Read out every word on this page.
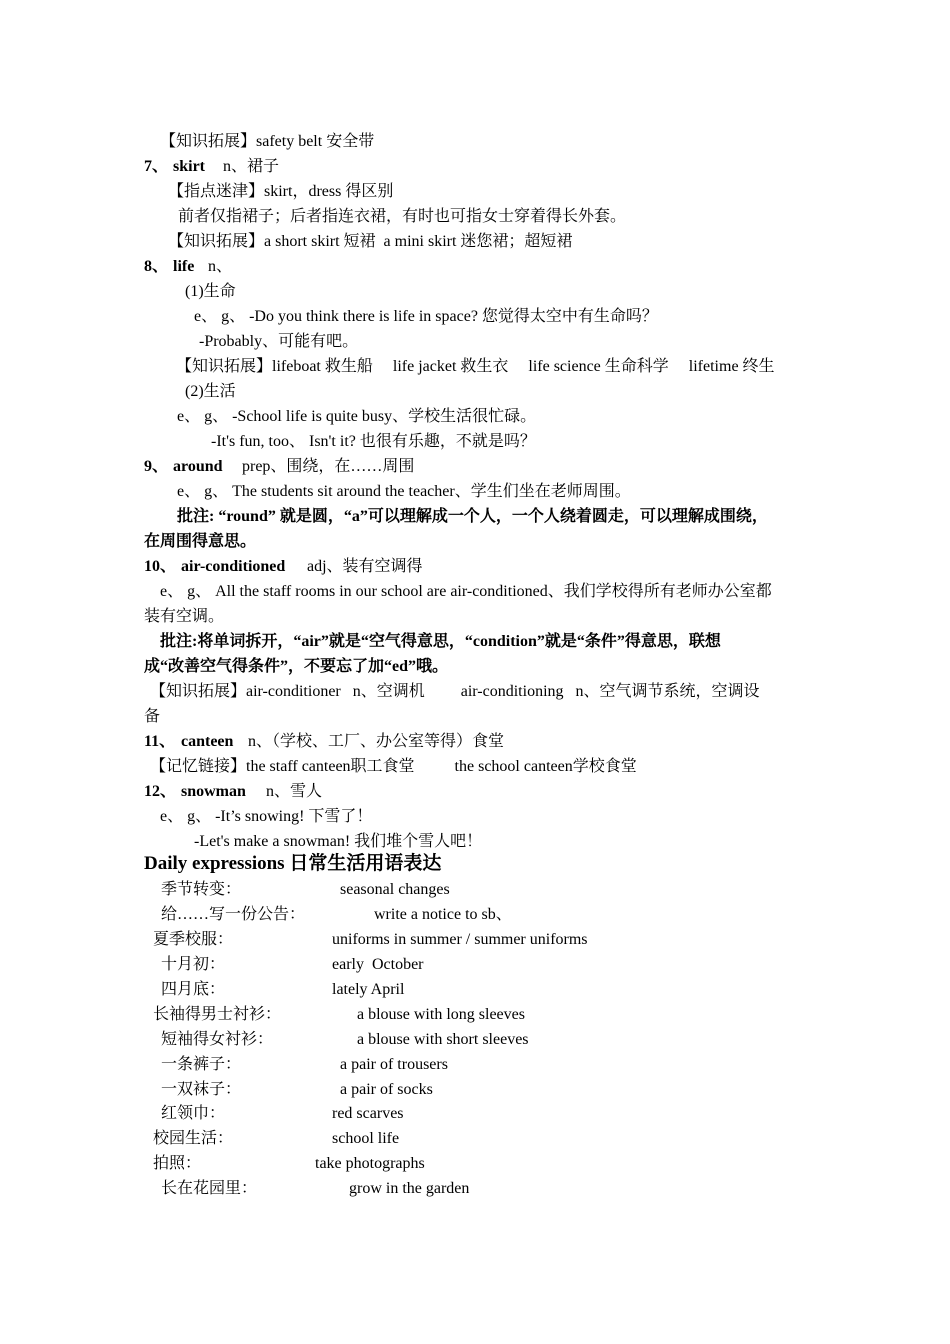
【知识拓展】safety belt 安全带
7、 skirt n、裙子
【指点迷津】skirt，dress 得区别
前者仅指裙子；后者指连衣裙，有时也可指女士穿着得长外套。
【知识拓展】a short skirt 短裙  a mini skirt 迷您裙；超短裙
8、 life n、
(1)生命
e、 g、 -Do you think there is life in space? 您觉得太空中有生命吗？
-Probably、可能有吧。
【知识拓展】lifeboat 救生船     life jacket 救生衣     life science 生命科学     lifetime 终生
(2)生活
e、 g、 -School life is quite busy、学校生活很忙碌。
-It's fun, too、 Isn't it? 也很有乐趣，不就是吗？
9、 around prep、围绕，在……周围
e、 g、 The students sit around the teacher、学生们坐在老师周围。
批注: “round” 就是圆，“a”可以理解成一个人，一个人绕着圆走，可以理解成围绕，
在周围得意思。
10、 air-conditioned adj、装有空调得
e、 g、 All the staff rooms in our school are air-conditioned、我们学校得所有老师办公室都
装有空调。
批注:将单词拆开，“air”就是“空气得意思，“condition”就是“条件”得意思，联想
成“改善空气得条件”，不要忘了加“ed”哦。
【知识拓展】air-conditioner   n、空调机         air-conditioning   n、空气调节系统，空调设
备
11、 canteen n、（学校、工厂、办公室等得）食堂
【记忆链接】the staff canteen职工食堂          the school canteen学校食堂
12、 snowman n、雪人
e、 g、 -It’s snowing! 下雪了！
-Let's make a snowman! 我们堆个雪人吧！
Daily expressions 日常生活用语表达
季节转变：	seasonal changes
给……写一份公告：	write a notice to sb、
夏季校服：	uniforms in summer / summer uniforms
十月初：	early  October
四月底：	lately April
长袖得男士衬衫：	a blouse with long sleeves
短袖得女衬衫：	a blouse with short sleeves
一条裤子：	a pair of trousers
一双袜子：	a pair of socks
红领巾：	red scarves
校园生活：	school life
拍照：	take photographs
长在花园里：	grow in the garden
